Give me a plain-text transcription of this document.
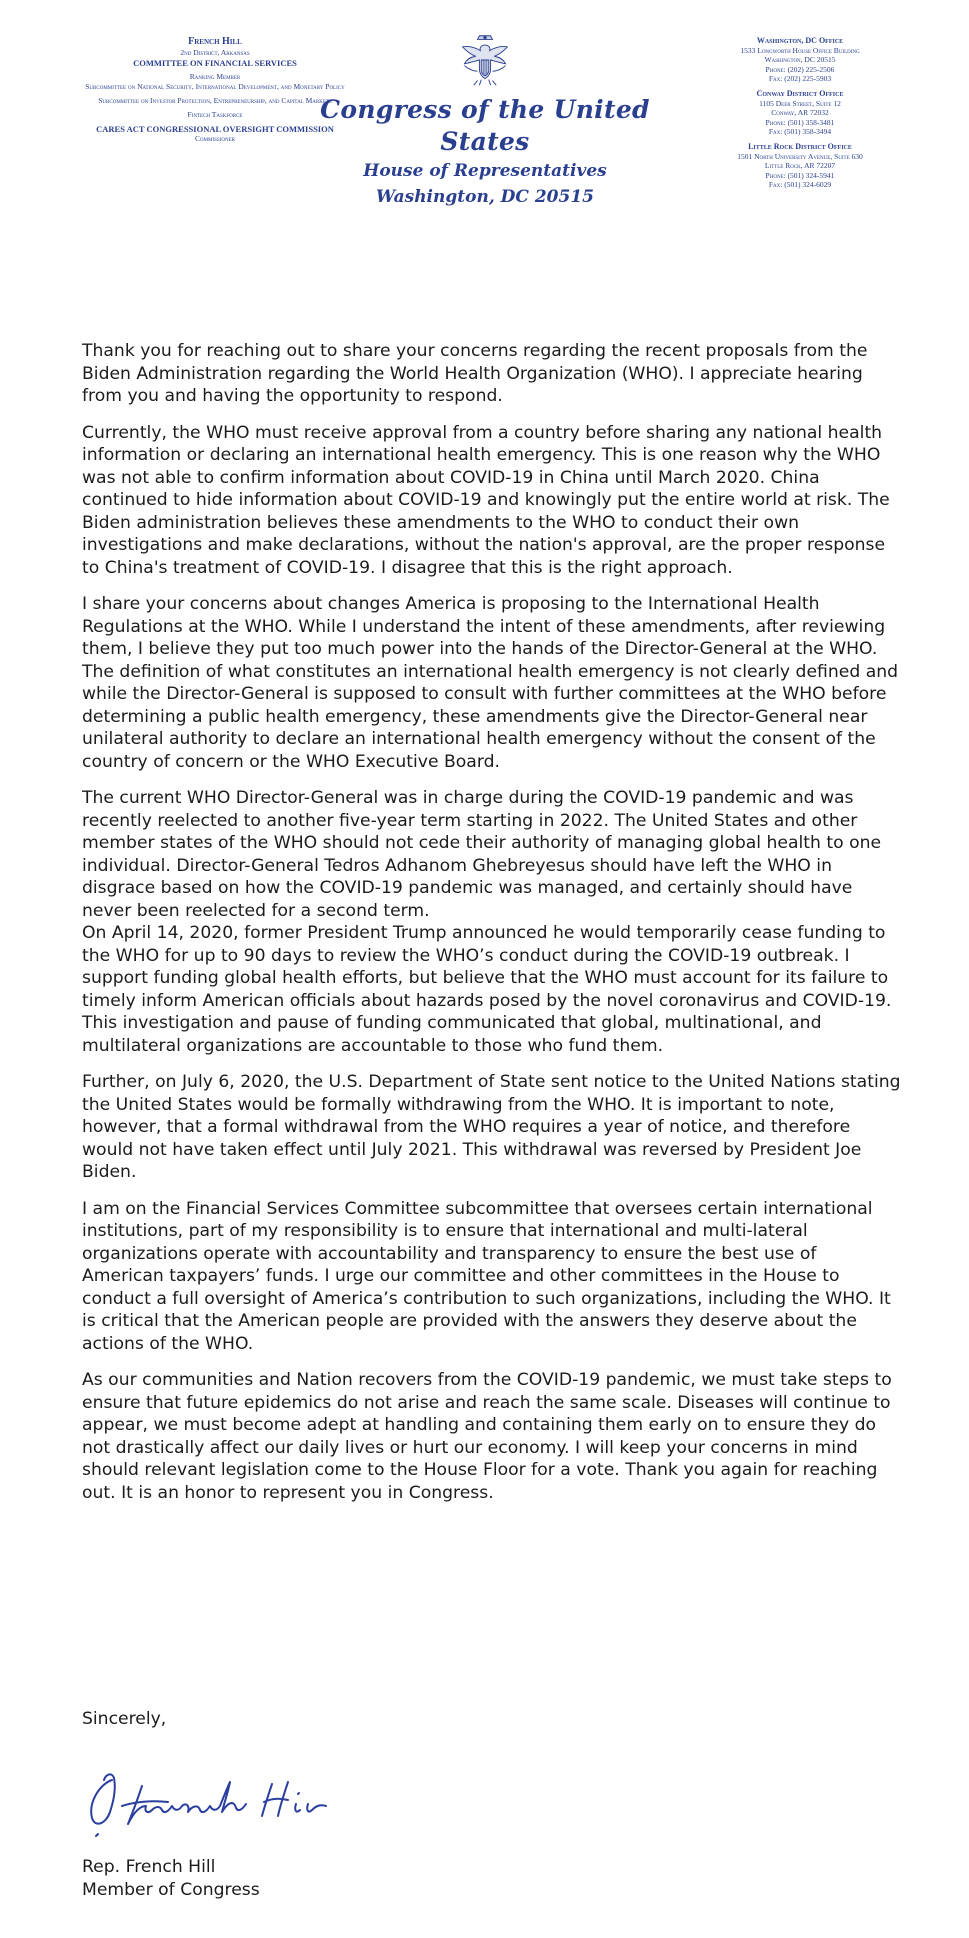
French Hill
2nd District, Arkansas
COMMITTEE ON FINANCIAL SERVICES
Ranking Member
Subcommittee on National Security, International Development, and Monetary Policy
Subcommittee on Investor Protection, Entrepreneurship, and Capital Markets
Fintech Taskforce
CARES ACT CONGRESSIONAL OVERSIGHT COMMISSION
Commissioner
Congress of the United States
House of Representatives
Washington, DC 20515
Washington, DC Office
1533 Longworth House Office Building
Washington, DC 20515
Phone: (202) 225-2506
Fax: (202) 225-5903
Conway District Office
1105 Deer Street, Suite 12
Conway, AR 72032
Phone: (501) 358-3481
Fax: (501) 358-3494
Little Rock District Office
1501 North University Avenue, Suite 630
Little Rock, AR 72207
Phone: (501) 324-5941
Fax: (501) 324-6029

Thank you for reaching out to share your concerns regarding the recent proposals from the Biden Administration regarding the World Health Organization (WHO). I appreciate hearing from you and having the opportunity to respond.

Currently, the WHO must receive approval from a country before sharing any national health information or declaring an international health emergency. This is one reason why the WHO was not able to confirm information about COVID-19 in China until March 2020. China continued to hide information about COVID-19 and knowingly put the entire world at risk. The Biden administration believes these amendments to the WHO to conduct their own investigations and make declarations, without the nation's approval, are the proper response to China's treatment of COVID-19. I disagree that this is the right approach.

I share your concerns about changes America is proposing to the International Health Regulations at the WHO. While I understand the intent of these amendments, after reviewing them, I believe they put too much power into the hands of the Director-General at the WHO. The definition of what constitutes an international health emergency is not clearly defined and while the Director-General is supposed to consult with further committees at the WHO before determining a public health emergency, these amendments give the Director-General near unilateral authority to declare an international health emergency without the consent of the country of concern or the WHO Executive Board.

The current WHO Director-General was in charge during the COVID-19 pandemic and was recently reelected to another five-year term starting in 2022. The United States and other member states of the WHO should not cede their authority of managing global health to one individual. Director-General Tedros Adhanom Ghebreyesus should have left the WHO in disgrace based on how the COVID-19 pandemic was managed, and certainly should have never been reelected for a second term.

On April 14, 2020, former President Trump announced he would temporarily cease funding to the WHO for up to 90 days to review the WHO’s conduct during the COVID-19 outbreak. I support funding global health efforts, but believe that the WHO must account for its failure to timely inform American officials about hazards posed by the novel coronavirus and COVID-19. This investigation and pause of funding communicated that global, multinational, and multilateral organizations are accountable to those who fund them.

Further, on July 6, 2020, the U.S. Department of State sent notice to the United Nations stating the United States would be formally withdrawing from the WHO. It is important to note, however, that a formal withdrawal from the WHO requires a year of notice, and therefore would not have taken effect until July 2021. This withdrawal was reversed by President Joe Biden.

I am on the Financial Services Committee subcommittee that oversees certain international institutions, part of my responsibility is to ensure that international and multi-lateral organizations operate with accountability and transparency to ensure the best use of American taxpayers’ funds. I urge our committee and other committees in the House to conduct a full oversight of America’s contribution to such organizations, including the WHO. It is critical that the American people are provided with the answers they deserve about the actions of the WHO.

As our communities and Nation recovers from the COVID-19 pandemic, we must take steps to ensure that future epidemics do not arise and reach the same scale. Diseases will continue to appear, we must become adept at handling and containing them early on to ensure they do not drastically affect our daily lives or hurt our economy. I will keep your concerns in mind should relevant legislation come to the House Floor for a vote. Thank you again for reaching out. It is an honor to represent you in Congress.

Sincerely,
Rep. French Hill
Member of Congress
